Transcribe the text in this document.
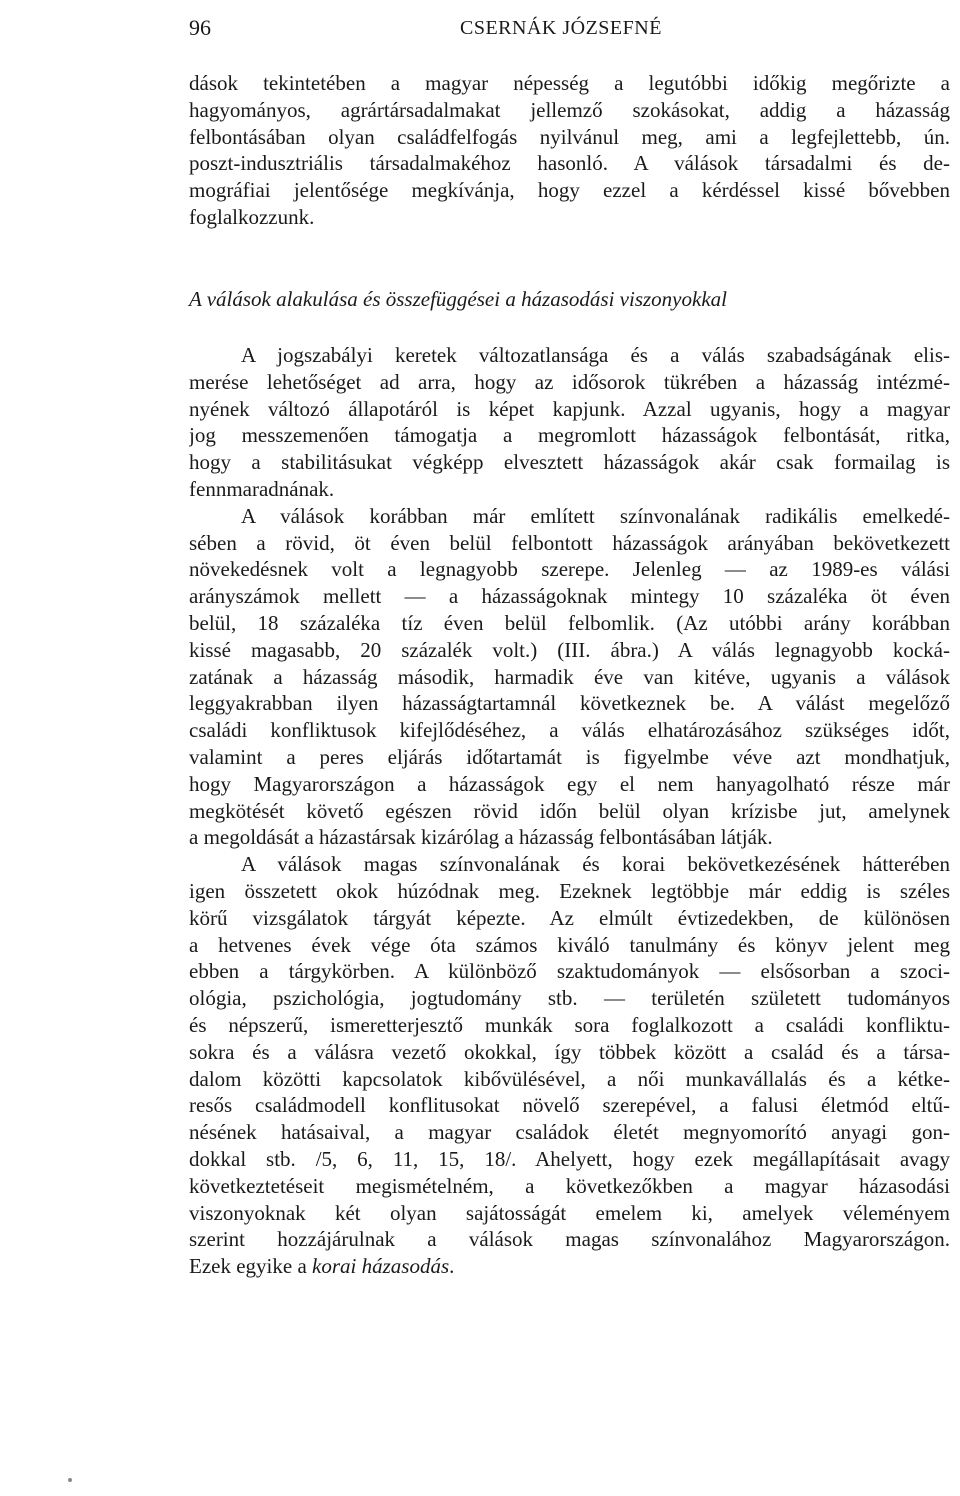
96	CSERNÁK JÓZSEFNÉ
dások tekintetében a magyar népesség a legutóbbi időkig megőrizte a
hagyományos, agrártársadalmakat jellemző szokásokat, addig a házasság
felbontásában olyan családfelfogás nyilvánul meg, ami a legfejlettebb, ún.
poszt-indusztriális társadalmakéhoz hasonló. A válások társadalmi és de-
mográfiai jelentősége megkívánja, hogy ezzel a kérdéssel kissé bővebben
foglalkozzunk.
A válások alakulása és összefüggései a házasodási viszonyokkal
A jogszabályi keretek változatlansága és a válás szabadságának elis-
merése lehetőséget ad arra, hogy az idősorok tükrében a házasság intézmé-
nyének változó állapotáról is képet kapjunk. Azzal ugyanis, hogy a magyar
jog messzemenően támogatja a megromlott házasságok felbontását, ritka,
hogy a stabilitásukat végképp elvesztett házasságok akár csak formailag is
fennmaradnának.
A válások korábban már említett színvonalának radikális emelkedé-
sében a rövid, öt éven belül felbontott házasságok arányában bekövetkezett
növekedésnek volt a legnagyobb szerepe. Jelenleg — az 1989-es válási
arányszámok mellett — a házasságoknak mintegy 10 százaléka öt éven
belül, 18 százaléka tíz éven belül felbomlik. (Az utóbbi arány korábban
kissé magasabb, 20 százalék volt.) (III. ábra.) A válás legnagyobb kocká-
zatának a házasság második, harmadik éve van kitéve, ugyanis a válások
leggyakrabban ilyen házasságtartamnál következnek be. A válást megelőző
családi konfliktusok kifejlődéséhez, a válás elhatározásához szükséges időt,
valamint a peres eljárás időtartamát is figyelmbe véve azt mondhatjuk,
hogy Magyarországon a házasságok egy el nem hanyagolható része már
megkötését követő egészen rövid időn belül olyan krízisbe jut, amelynek
a megoldását a házastársak kizárólag a házasság felbontásában látják.
A válások magas színvonalának és korai bekövetkezésének hátterében
igen összetett okok húzódnak meg. Ezeknek legtöbbje már eddig is széles
körű vizsgálatok tárgyát képezte. Az elmúlt évtizedekben, de különösen
a hetvenes évek vége óta számos kiváló tanulmány és könyv jelent meg
ebben a tárgykörben. A különböző szaktudományok — elsősorban a szoci-
ológia, pszichológia, jogtudomány stb. — területén született tudományos
és népszerű, ismeretterjesztő munkák sora foglalkozott a családi konfliktu-
sokra és a válásra vezető okokkal, így többek között a család és a társa-
dalom közötti kapcsolatok kibővülésével, a női munkavállalás és a kétke-
resős családmodell konflitusokat növelő szerepével, a falusi életmód eltű-
nésének hatásaival, a magyar családok életét megnyomorító anyagi gon-
dokkal stb. /5, 6, 11, 15, 18/. Ahelyett, hogy ezek megállapításait avagy
következtetéseit megismételném, a következőkben a magyar házasodási
viszonyoknak két olyan sajátosságát emelem ki, amelyek véleményem
szerint hozzájárulnak a válások magas színvonalához Magyarországon.
Ezek egyike a korai házasodás.
